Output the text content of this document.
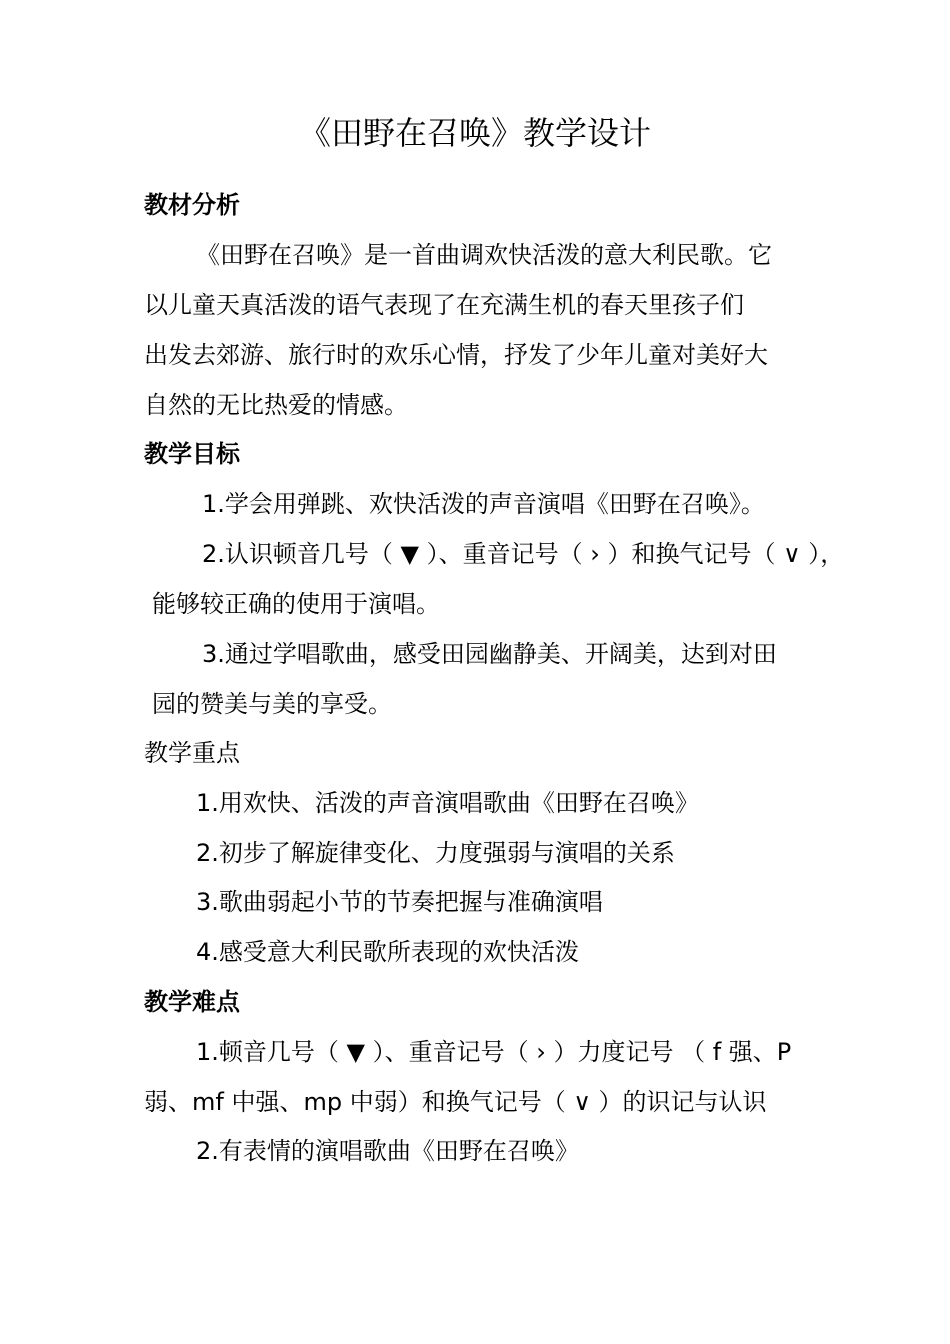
《田野在召唤》教学设计

教材分析

《田野在召唤》是一首曲调欢快活泼的意大利民歌。它

以儿童天真活泼的语气表现了在充满生机的春天里孩子们

出发去郊游、旅行时的欢乐心情，抒发了少年儿童对美好大

自然的无比热爱的情感。

教学目标

1.学会用弹跳、欢快活泼的声音演唱《田野在召唤》。

2.认识顿音几号（ ▼ ）、重音记号（ › ）和换气记号（ ∨ ），

能够较正确的使用于演唱。

3.通过学唱歌曲，感受田园幽静美、开阔美，达到对田

园的赞美与美的享受。

教学重点

1.用欢快、活泼的声音演唱歌曲《田野在召唤》

2.初步了解旋律变化、力度强弱与演唱的关系

3.歌曲弱起小节的节奏把握与准确演唱

4.感受意大利民歌所表现的欢快活泼

教学难点

1.顿音几号（ ▼ ）、重音记号（ › ）力度记号 （ f 强、P

弱、mf 中强、mp 中弱）和换气记号（ ∨ ）的识记与认识

2.有表情的演唱歌曲《田野在召唤》
